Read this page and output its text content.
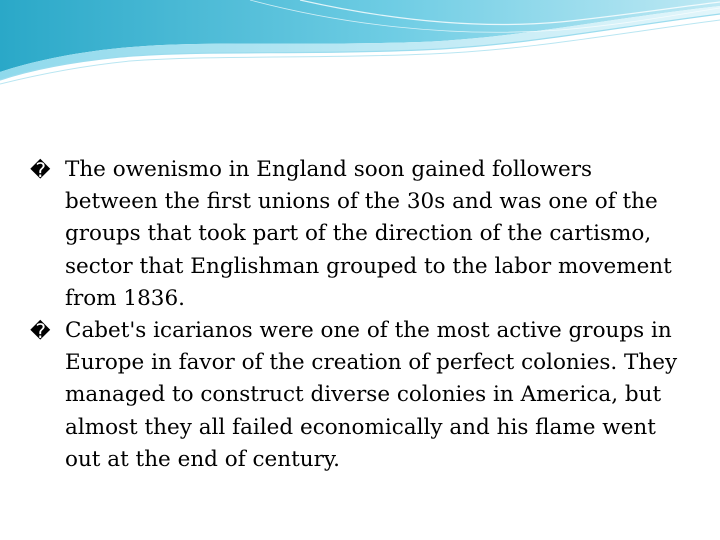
� The owenismo in England soon gained followers between the first unions of the 30s and was one of the groups that took part of the direction of the cartismo, sector that Englishman grouped to the labor movement from 1836.
� Cabet's icarianos were one of the most active groups in Europe in favor of the creation of perfect colonies. They managed to construct diverse colonies in America, but almost they all failed economically and his flame went out at the end of century.
